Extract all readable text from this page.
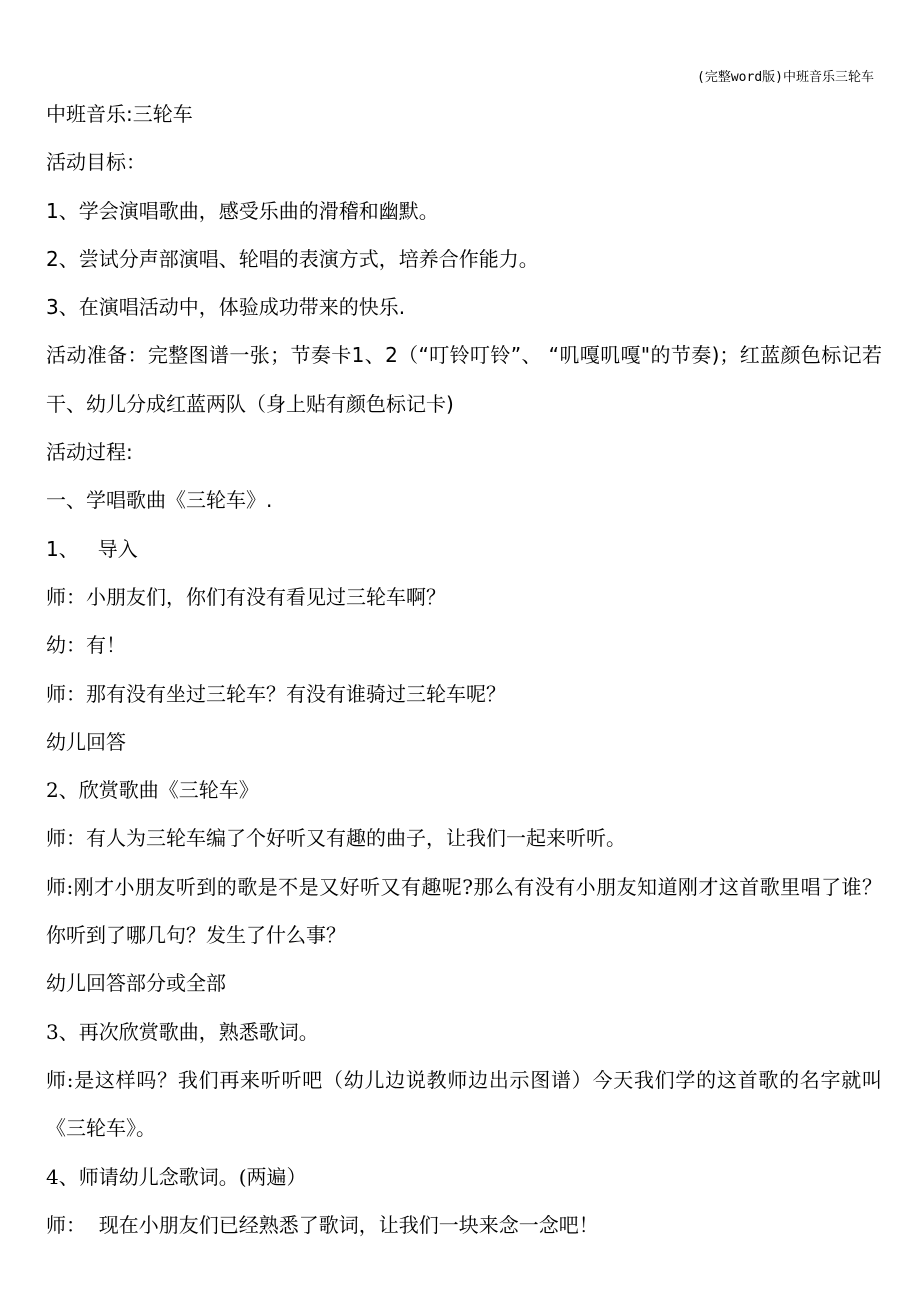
(完整word版)中班音乐三轮车

中班音乐:三轮车

活动目标：

1、学会演唱歌曲，感受乐曲的滑稽和幽默。

2、尝试分声部演唱、轮唱的表演方式，培养合作能力。

3、在演唱活动中，体验成功带来的快乐.

活动准备：完整图谱一张；节奏卡1、2（“叮铃叮铃”、 “叽嘎叽嘎"的节奏)；红蓝颜色标记若干、幼儿分成红蓝两队（身上贴有颜色标记卡)

活动过程:

一、学唱歌曲《三轮车》.

1、   导入

师：小朋友们，你们有没有看见过三轮车啊？

幼：有！

师：那有没有坐过三轮车？有没有谁骑过三轮车呢？

幼儿回答

2、欣赏歌曲《三轮车》

师：有人为三轮车编了个好听又有趣的曲子，让我们一起来听听。

师:刚才小朋友听到的歌是不是又好听又有趣呢?那么有没有小朋友知道刚才这首歌里唱了谁？你听到了哪几句？发生了什么事？

幼儿回答部分或全部

3、再次欣赏歌曲，熟悉歌词。

师:是这样吗？我们再来听听吧（幼儿边说教师边出示图谱）今天我们学的这首歌的名字就叫《三轮车》。

4、师请幼儿念歌词。(两遍）

师：  现在小朋友们已经熟悉了歌词，让我们一块来念一念吧！
